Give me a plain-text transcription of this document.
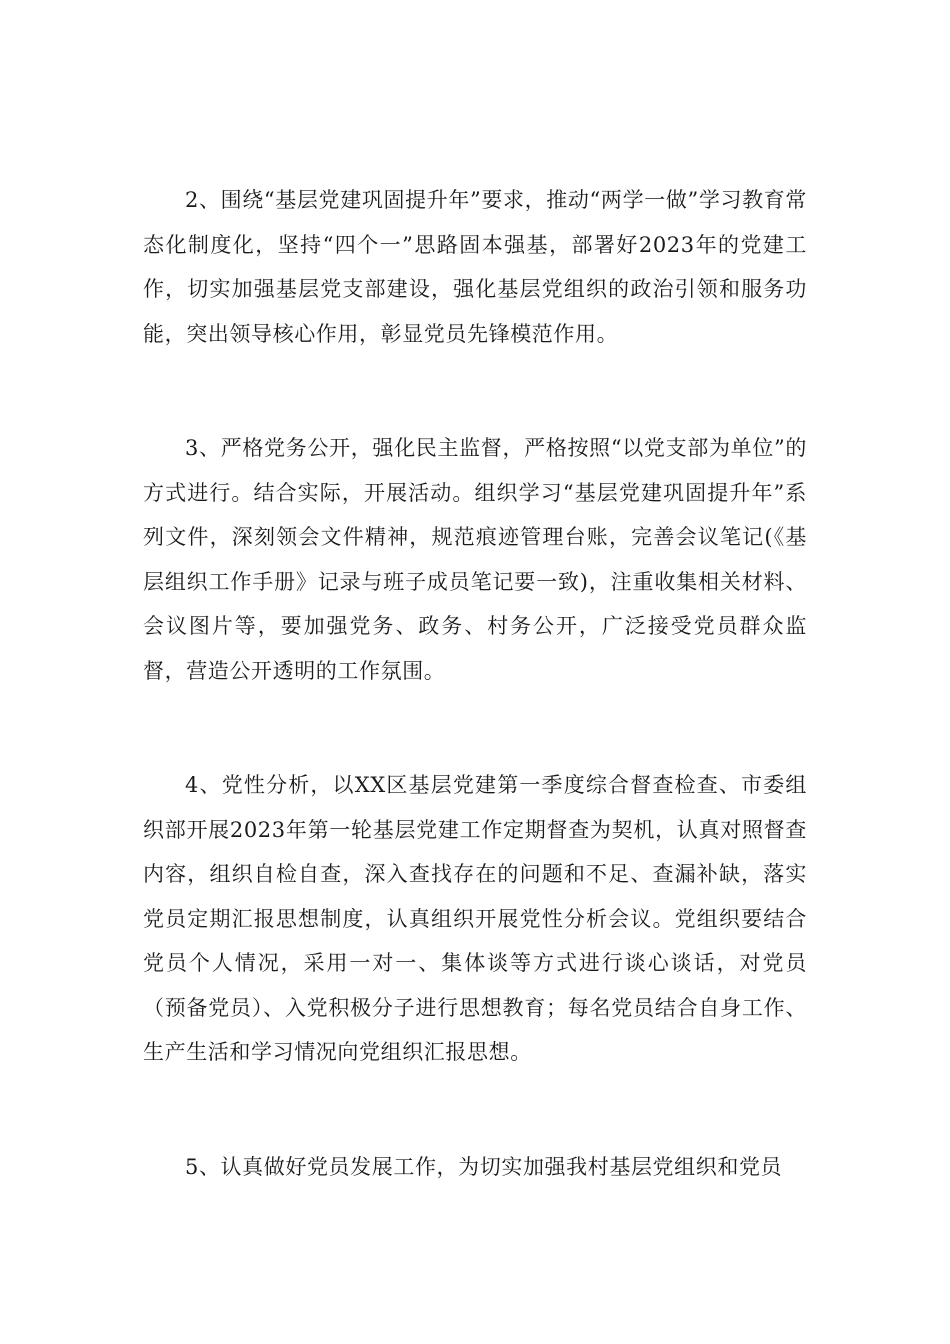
2、围绕“基层党建巩固提升年”要求，推动“两学一做”学习教育常态化制度化，坚持“四个一”思路固本强基，部署好2023年的党建工作，切实加强基层党支部建设，强化基层党组织的政治引领和服务功能，突出领导核心作用，彰显党员先锋模范作用。

3、严格党务公开，强化民主监督，严格按照“以党支部为单位”的方式进行。结合实际，开展活动。组织学习“基层党建巩固提升年”系列文件，深刻领会文件精神，规范痕迹管理台账，完善会议笔记(《基层组织工作手册》记录与班子成员笔记要一致)，注重收集相关材料、会议图片等，要加强党务、政务、村务公开，广泛接受党员群众监督，营造公开透明的工作氛围。

4、党性分析，以XX区基层党建第一季度综合督查检查、市委组织部开展2023年第一轮基层党建工作定期督查为契机，认真对照督查内容，组织自检自查，深入查找存在的问题和不足、查漏补缺，落实党员定期汇报思想制度，认真组织开展党性分析会议。党组织要结合党员个人情况，采用一对一、集体谈等方式进行谈心谈话，对党员（预备党员）、入党积极分子进行思想教育；每名党员结合自身工作、生产生活和学习情况向党组织汇报思想。

5、认真做好党员发展工作，为切实加强我村基层党组织和党员
